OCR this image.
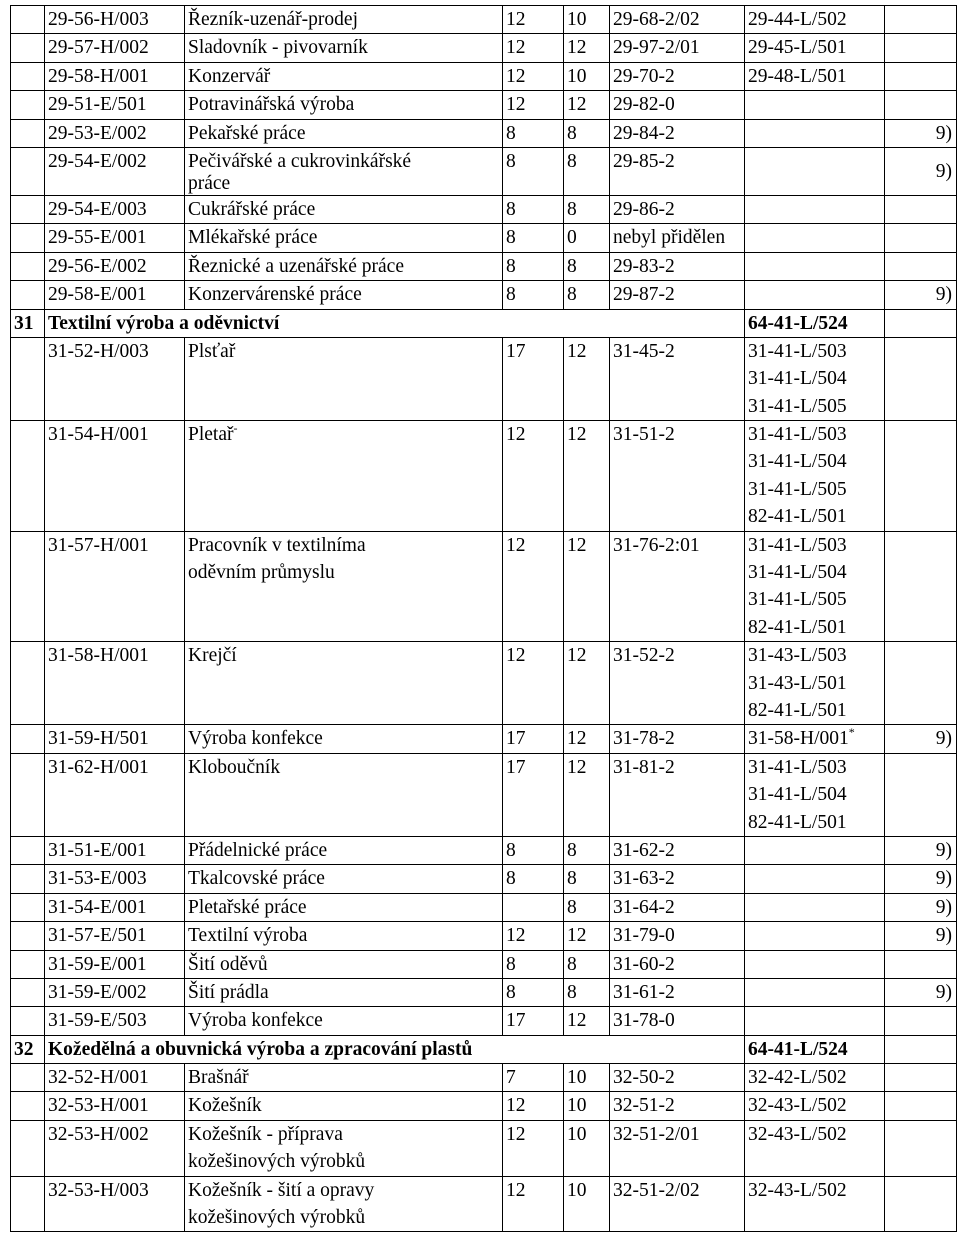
	29-56-H/003	Řezník-uzenář-prodej	12	10	29-68-2/02	29-44-L/502	

	29-57-H/002	Sladovník - pivovarník	12	12	29-97-2/01	29-45-L/501	

	29-58-H/001	Konzervář	12	10	29-70-2	29-48-L/501	

	29-51-E/501	Potravinářská výroba	12	12	29-82-0		

	29-53-E/002	Pekařské práce	8	8	29-84-2		9)

	29-54-E/002	Pečivářské a cukrovinkářské
práce	8	8	29-85-2		9)

	29-54-E/003	Cukrářské práce	8	8	29-86-2		

	29-55-E/001	Mlékařské práce	8	0	nebyl přidělen		

	29-56-E/002	Řeznické a uzenářské práce	8	8	29-83-2		

	29-58-E/001	Konzervárenské práce	8	8	29-87-2		9)

31	Textilní výroba a oděvnictví					64-41-L/524	

	31-52-H/003	Plsťař	17	12	31-45-2	31-41-L/503
31-41-L/504
31-41-L/505	

	31-54-H/001	Pletař-	12	12	31-51-2	31-41-L/503
31-41-L/504
31-41-L/505
82-41-L/501	

	31-57-H/001	Pracovník v textilníma
oděvním průmyslu	12	12	31-76-2:01	31-41-L/503
31-41-L/504
31-41-L/505
82-41-L/501	

	31-58-H/001	Krejčí	12	12	31-52-2	31-43-L/503
31-43-L/501
82-41-L/501	

	31-59-H/501	Výroba konfekce	17	12	31-78-2	31-58-H/001*	9)

	31-62-H/001	Kloboučník	17	12	31-81-2	31-41-L/503
31-41-L/504
82-41-L/501	

	31-51-E/001	Přádelnické práce	8	8	31-62-2		9)

	31-53-E/003	Tkalcovské práce	8	8	31-63-2		9)

	31-54-E/001	Pletařské práce		8	31-64-2		9)

	31-57-E/501	Textilní výroba	12	12	31-79-0		9)

	31-59-E/001	Šití oděvů	8	8	31-60-2		

	31-59-E/002	Šití prádla	8	8	31-61-2		9)

	31-59-E/503	Výroba konfekce	17	12	31-78-0		

32	Kožedělná a obuvnická výroba a zpracování plastů					64-41-L/524	

	32-52-H/001	Brašnář	7	10	32-50-2	32-42-L/502	

	32-53-H/001	Kožešník	12	10	32-51-2	32-43-L/502	

	32-53-H/002	Kožešník - příprava
kožešinových výrobků	12	10	32-51-2/01	32-43-L/502	

	32-53-H/003	Kožešník - šití a opravy
kožešinových výrobků	12	10	32-51-2/02	32-43-L/502	
